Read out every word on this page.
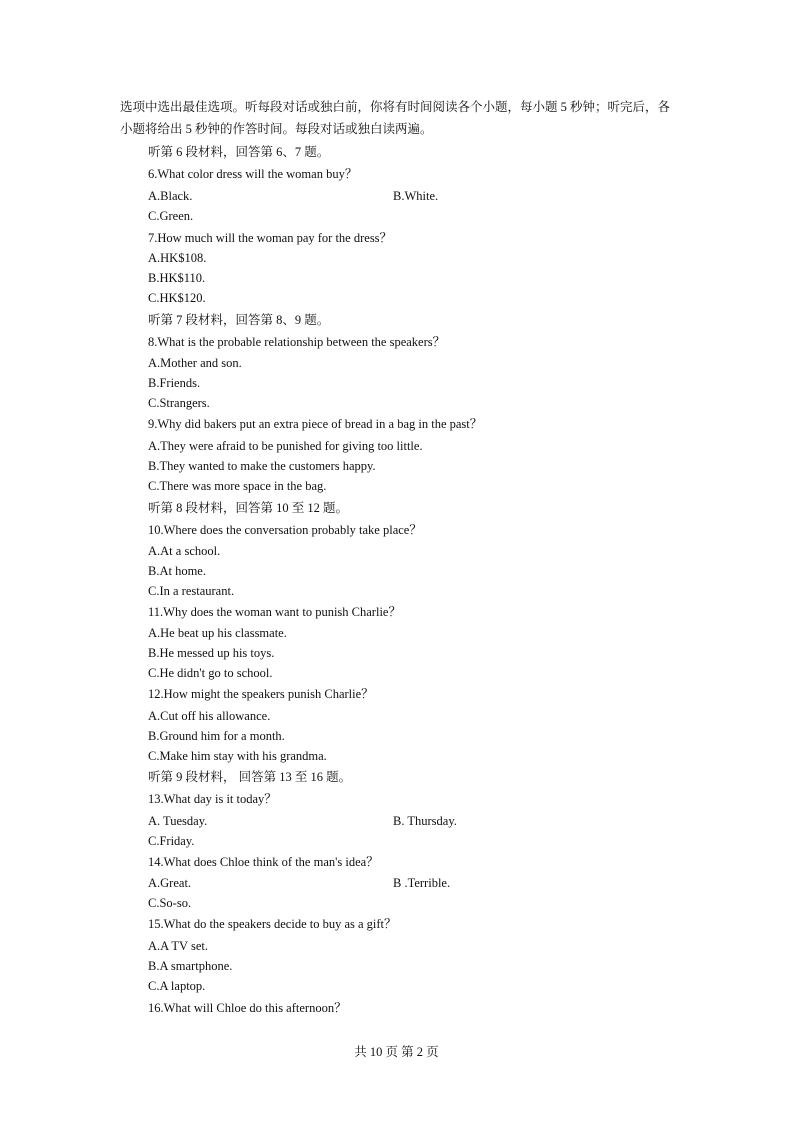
选项中选出最佳选项。听每段对话或独白前，你将有时间阅读各个小题，每小题 5 秒钟；听完后，各小题将给出 5 秒钟的作答时间。每段对话或独白读两遍。
听第 6 段材料，回答第 6、7 题。
6.What color dress will the woman buy？
A.Black.	B.White.
C.Green.
7.How much will the woman pay for the dress？
A.HK$108.
B.HK$110.
C.HK$120.
听第 7 段材料，回答第 8、9 题。
8.What is the probable relationship between the speakers？
A.Mother and son.
B.Friends.
C.Strangers.
9.Why did bakers put an extra piece of bread in a bag in the past？
A.They were afraid to be punished for giving too little.
B.They wanted to make the customers happy.
C.There was more space in the bag.
听第 8 段材料，回答第 10 至 12 题。
10.Where does the conversation probably take place？
A.At a school.
B.At home.
C.In a restaurant.
11.Why does the woman want to punish Charlie？
A.He beat up his classmate.
B.He messed up his toys.
C.He didn't go to school.
12.How might the speakers punish Charlie？
A.Cut off his allowance.
B.Ground him for a month.
C.Make him stay with his grandma.
听第 9 段材料， 回答第 13 至 16 题。
13.What day is it today？
A. Tuesday.	B. Thursday.
C.Friday.
14.What does Chloe think of the man's idea？
A.Great.	B .Terrible.
C.So-so.
15.What do the speakers decide to buy as a gift？
A.A TV set.
B.A smartphone.
C.A laptop.
16.What will Chloe do this afternoon？
共 10 页 第 2 页
